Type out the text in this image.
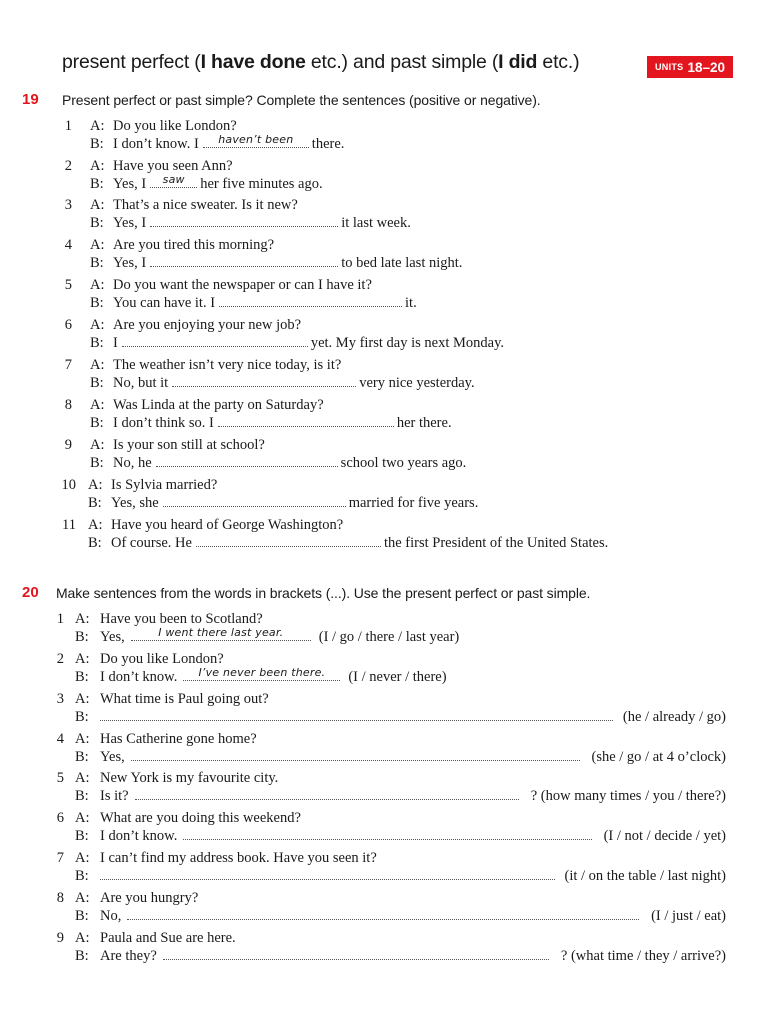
present perfect (I have done etc.) and past simple (I did etc.)	UNITS 18–20
19 Present perfect or past simple? Complete the sentences (positive or negative).
20 Make sentences from the words in brackets (...). Use the present perfect or past simple.
1 A: Do you like London?
B: I don’t know. I	haven’t been	there.
2 A: Have you seen Ann?
B: Yes, I	saw	her five minutes ago.
3 A: That’s a nice sweater. Is it new?
B: Yes, I	it last week.
4 A: Are you tired this morning?
B: Yes, I	to bed late last night.
5 A: Do you want the newspaper or can I have it?
B: You can have it. I	it.
6 A: Are you enjoying your new job?
B: I	yet. My first day is next Monday.
7 A: The weather isn’t very nice today, is it?
B: No, but it	very nice yesterday.
8 A: Was Linda at the party on Saturday?
B: I don’t think so. I	her there.
9 A: Is your son still at school?
B: No, he	school two years ago.
10 A: Is Sylvia married?
B: Yes, she	married for five years.
11 A: Have you heard of George Washington?
B: Of course. He	the first President of the United States.
1 A: Have you been to Scotland?
B: Yes,	I went there last year.	(I / go / there / last year)
2 A: Do you like London?
B: I don’t know.	I’ve never been there.	(I / never / there)
3 A: What time is Paul going out?
B:	(he / already / go)
4 A: Has Catherine gone home?
B: Yes,	(she / go / at 4 o’clock)
5 A: New York is my favourite city.
B: Is it?	? (how many times / you / there?)
6 A: What are you doing this weekend?
B: I don’t know.	(I / not / decide / yet)
7 A: I can’t find my address book. Have you seen it?
B:	(it / on the table / last night)
8 A: Are you hungry?
B: No,	(I / just / eat)
9 A: Paula and Sue are here.
B: Are they?	? (what time / they / arrive?)
